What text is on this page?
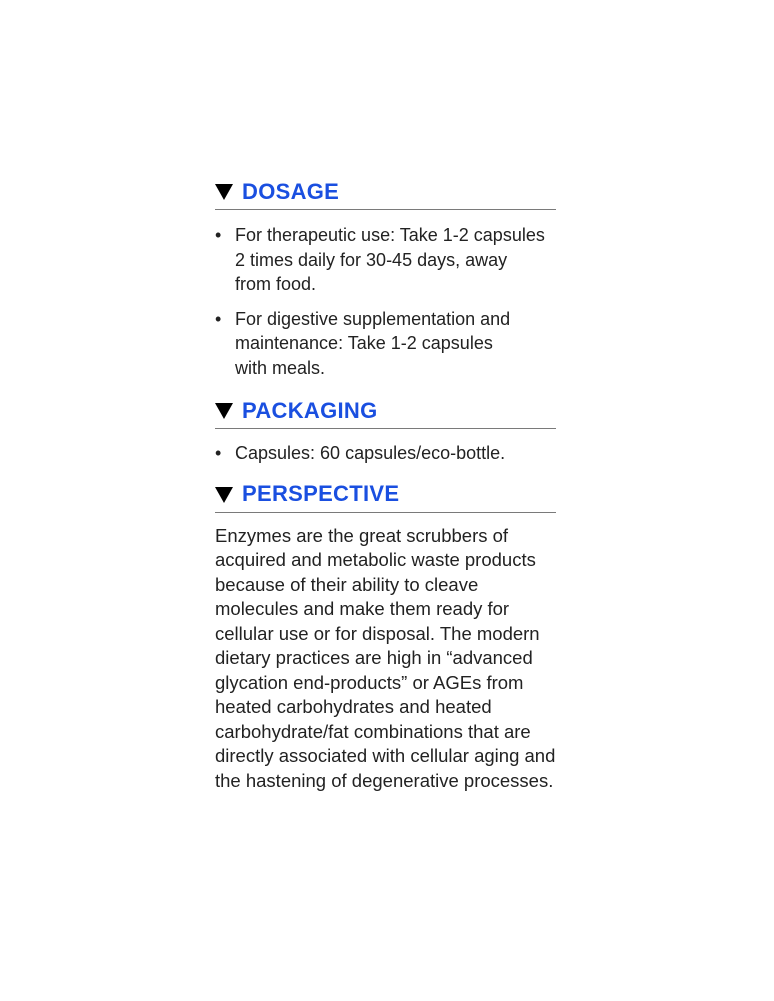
DOSAGE
• For therapeutic use: Take 1-2 capsules
2 times daily for 30-45 days, away
from food.
• For digestive supplementation and
maintenance: Take 1-2 capsules
with meals.
PACKAGING
• Capsules: 60 capsules/eco-bottle.
PERSPECTIVE
Enzymes are the great scrubbers of
acquired and metabolic waste products
because of their ability to cleave
molecules and make them ready for
cellular use or for disposal. The modern
dietary practices are high in “advanced
glycation end-products” or AGEs from
heated carbohydrates and heated
carbohydrate/fat combinations that are
directly associated with cellular aging and
the hastening of degenerative processes.
